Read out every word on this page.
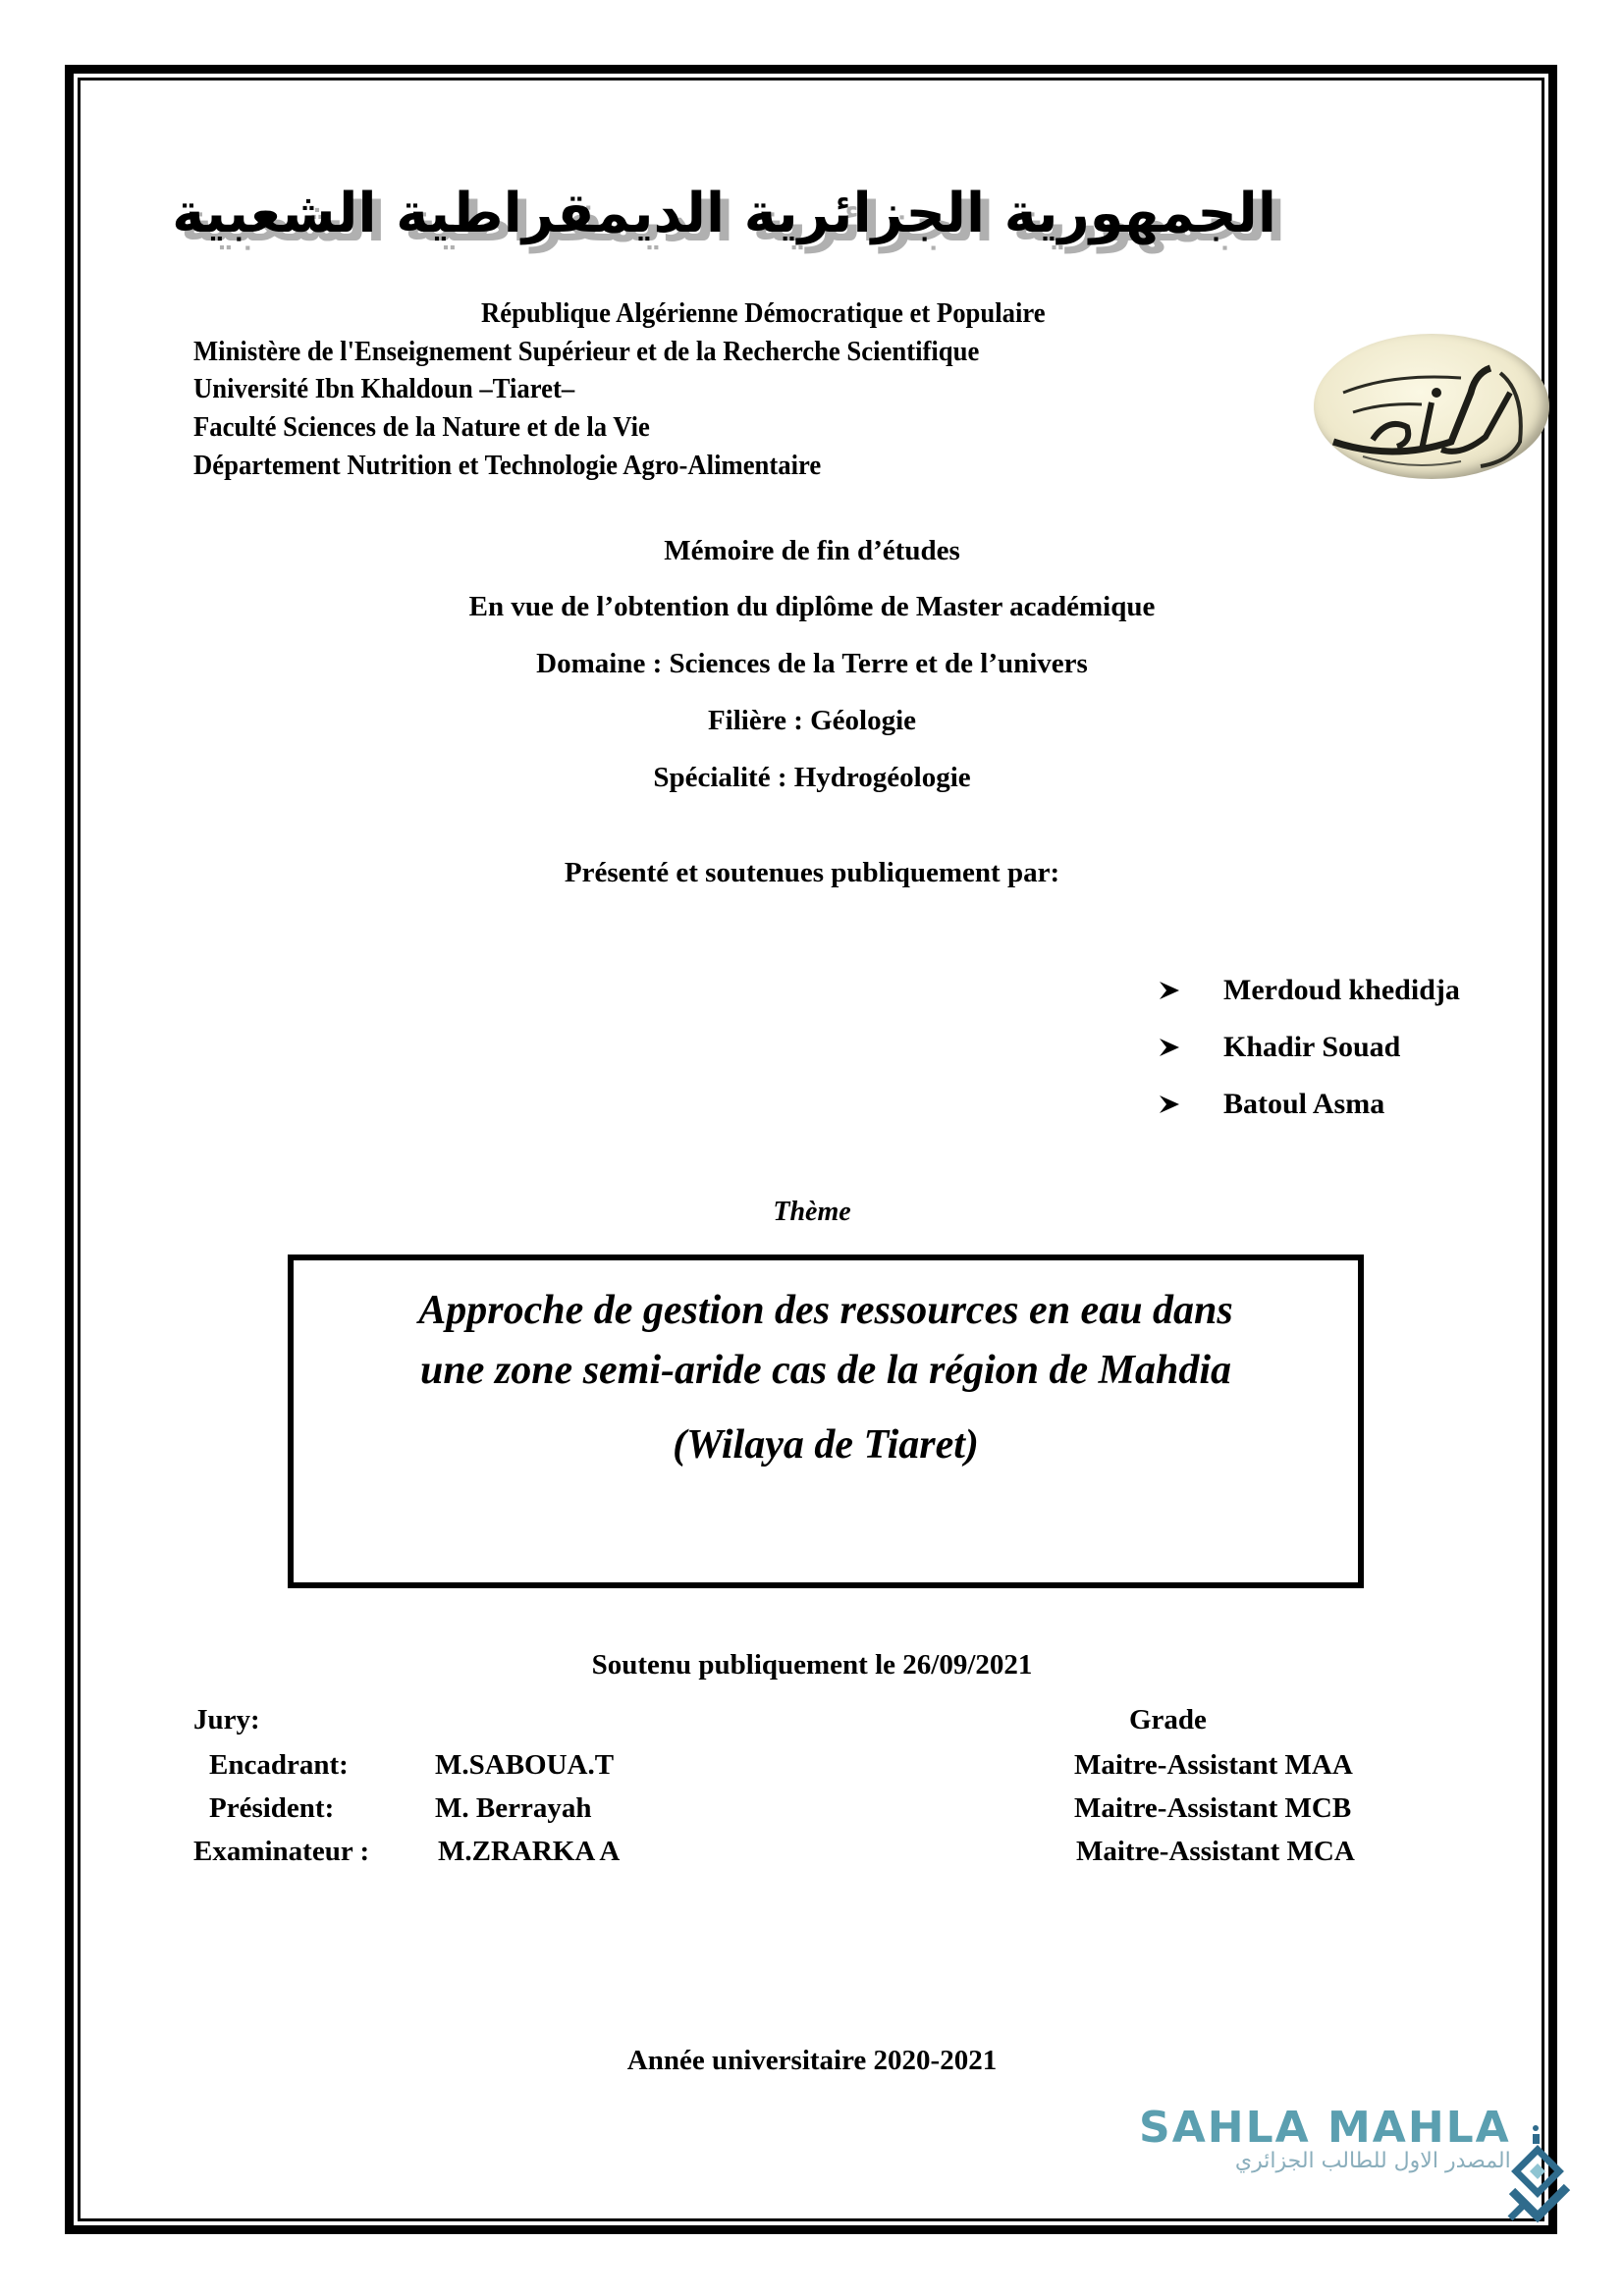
الجمهورية الجزائرية الديمقراطية الشعبية
République Algérienne Démocratique et Populaire
Ministère de l'Enseignement Supérieur et de la Recherche Scientifique
Université Ibn Khaldoun –Tiaret–
Faculté Sciences de la Nature et de la Vie
Département Nutrition et Technologie Agro-Alimentaire
Mémoire de fin d’études
En vue de l’obtention du diplôme de Master académique
Domaine : Sciences de la Terre et de l’univers
Filière : Géologie
Spécialité : Hydrogéologie
Présenté et soutenues publiquement par:
Merdoud khedidja
Khadir Souad
Batoul Asma
Thème
Approche de gestion des ressources en eau dans
une zone semi-aride cas de la région de Mahdia
(Wilaya de Tiaret)
Soutenu publiquement le 26/09/2021
Jury:	Grade
Encadrant:	M.SABOUA.T	Maitre-Assistant MAA
Président:	M. Berrayah	Maitre-Assistant MCB
Examinateur : M.ZRARKA A	Maitre-Assistant MCA
Année universitaire 2020-2021
SAHLA MAHLA
المصدر الاول للطالب الجزائري
